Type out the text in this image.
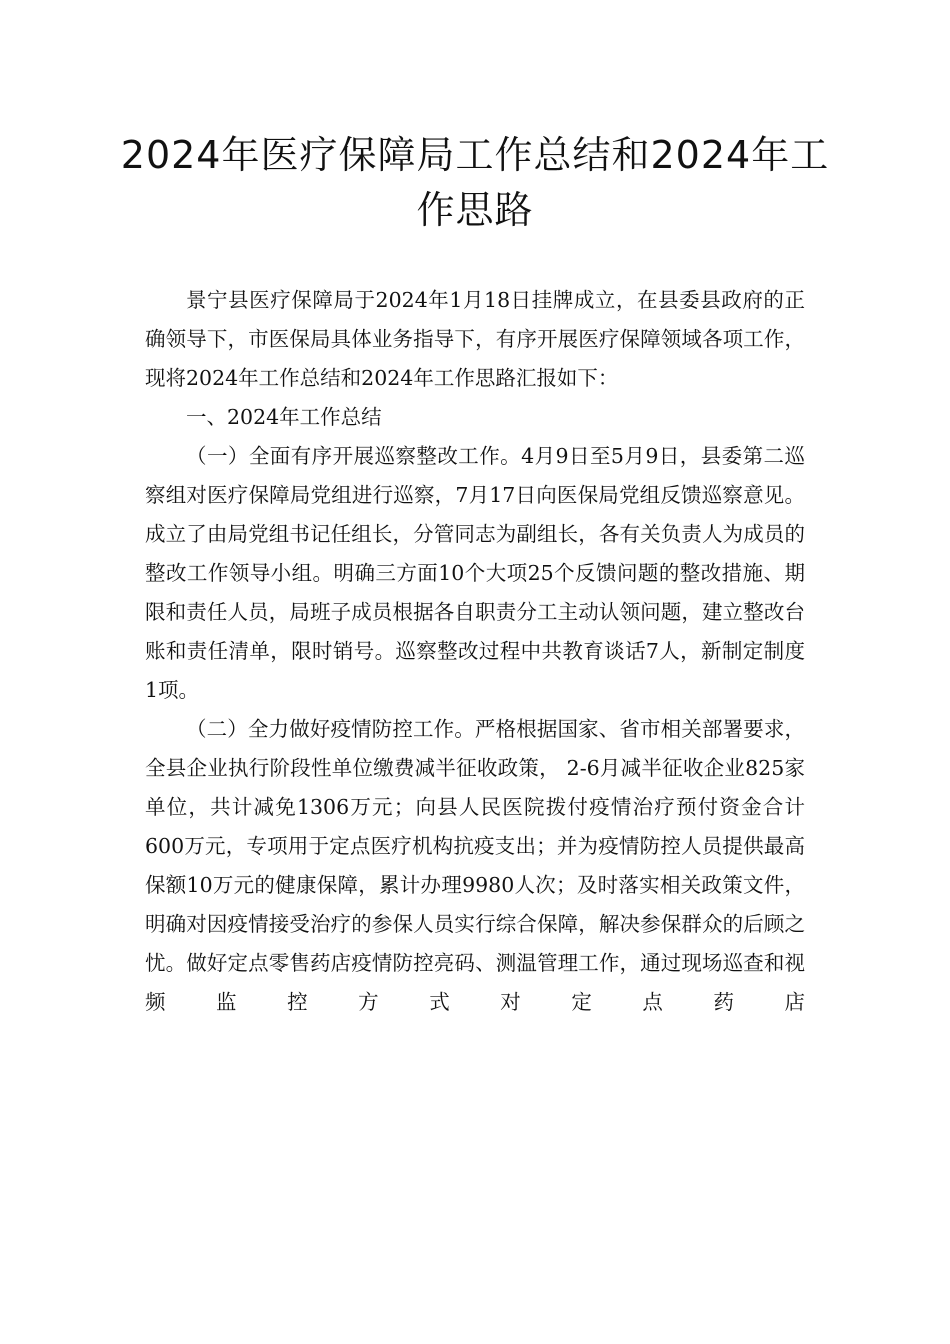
2024年医疗保障局工作总结和2024年工作思路

景宁县医疗保障局于2024年1月18日挂牌成立，在县委县政府的正确领导下，市医保局具体业务指导下，有序开展医疗保障领域各项工作，现将2024年工作总结和2024年工作思路汇报如下：

一、2024年工作总结

（一）全面有序开展巡察整改工作。4月9日至5月9日，县委第二巡察组对医疗保障局党组进行巡察，7月17日向医保局党组反馈巡察意见。成立了由局党组书记任组长，分管同志为副组长，各有关负责人为成员的整改工作领导小组。明确三方面10个大项25个反馈问题的整改措施、期限和责任人员，局班子成员根据各自职责分工主动认领问题，建立整改台账和责任清单，限时销号。巡察整改过程中共教育谈话7人，新制定制度1项。

（二）全力做好疫情防控工作。严格根据国家、省市相关部署要求，全县企业执行阶段性单位缴费减半征收政策， 2-6月减半征收企业825家单位，共计减免1306万元；向县人民医院拨付疫情治疗预付资金合计600万元，专项用于定点医疗机构抗疫支出；并为疫情防控人员提供最高保额10万元的健康保障，累计办理9980人次；及时落实相关政策文件，明确对因疫情接受治疗的参保人员实行综合保障，解决参保群众的后顾之忧。做好定点零售药店疫情防控亮码、测温管理工作，通过现场巡查和视频监控方式对定点药店
